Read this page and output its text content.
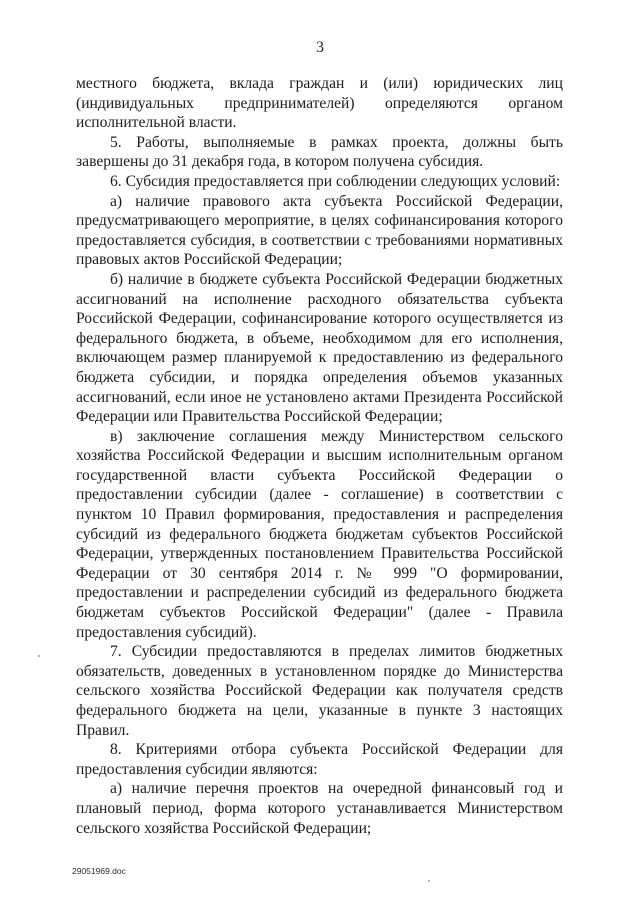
3

местного бюджета, вклада граждан и (или) юридических лиц (индивидуальных предпринимателей) определяются органом исполнительной власти.

5. Работы, выполняемые в рамках проекта, должны быть завершены до 31 декабря года, в котором получена субсидия.

6. Субсидия предоставляется при соблюдении следующих условий:

а) наличие правового акта субъекта Российской Федерации, предусматривающего мероприятие, в целях софинансирования которого предоставляется субсидия, в соответствии с требованиями нормативных правовых актов Российской Федерации;

б) наличие в бюджете субъекта Российской Федерации бюджетных ассигнований на исполнение расходного обязательства субъекта Российской Федерации, софинансирование которого осуществляется из федерального бюджета, в объеме, необходимом для его исполнения, включающем размер планируемой к предоставлению из федерального бюджета субсидии, и порядка определения объемов указанных ассигнований, если иное не установлено актами Президента Российской Федерации или Правительства Российской Федерации;

в) заключение соглашения между Министерством сельского хозяйства Российской Федерации и высшим исполнительным органом государственной власти субъекта Российской Федерации о предоставлении субсидии (далее - соглашение) в соответствии с пунктом 10 Правил формирования, предоставления и распределения субсидий из федерального бюджета бюджетам субъектов Российской Федерации, утвержденных постановлением Правительства Российской Федерации от 30 сентября 2014 г. № 999 "О формировании, предоставлении и распределении субсидий из федерального бюджета бюджетам субъектов Российской Федерации" (далее - Правила предоставления субсидий).

7. Субсидии предоставляются в пределах лимитов бюджетных обязательств, доведенных в установленном порядке до Министерства сельского хозяйства Российской Федерации как получателя средств федерального бюджета на цели, указанные в пункте 3 настоящих Правил.

8. Критериями отбора субъекта Российской Федерации для предоставления субсидии являются:

а) наличие перечня проектов на очередной финансовый год и плановый период, форма которого устанавливается Министерством сельского хозяйства Российской Федерации;

29051969.doc
